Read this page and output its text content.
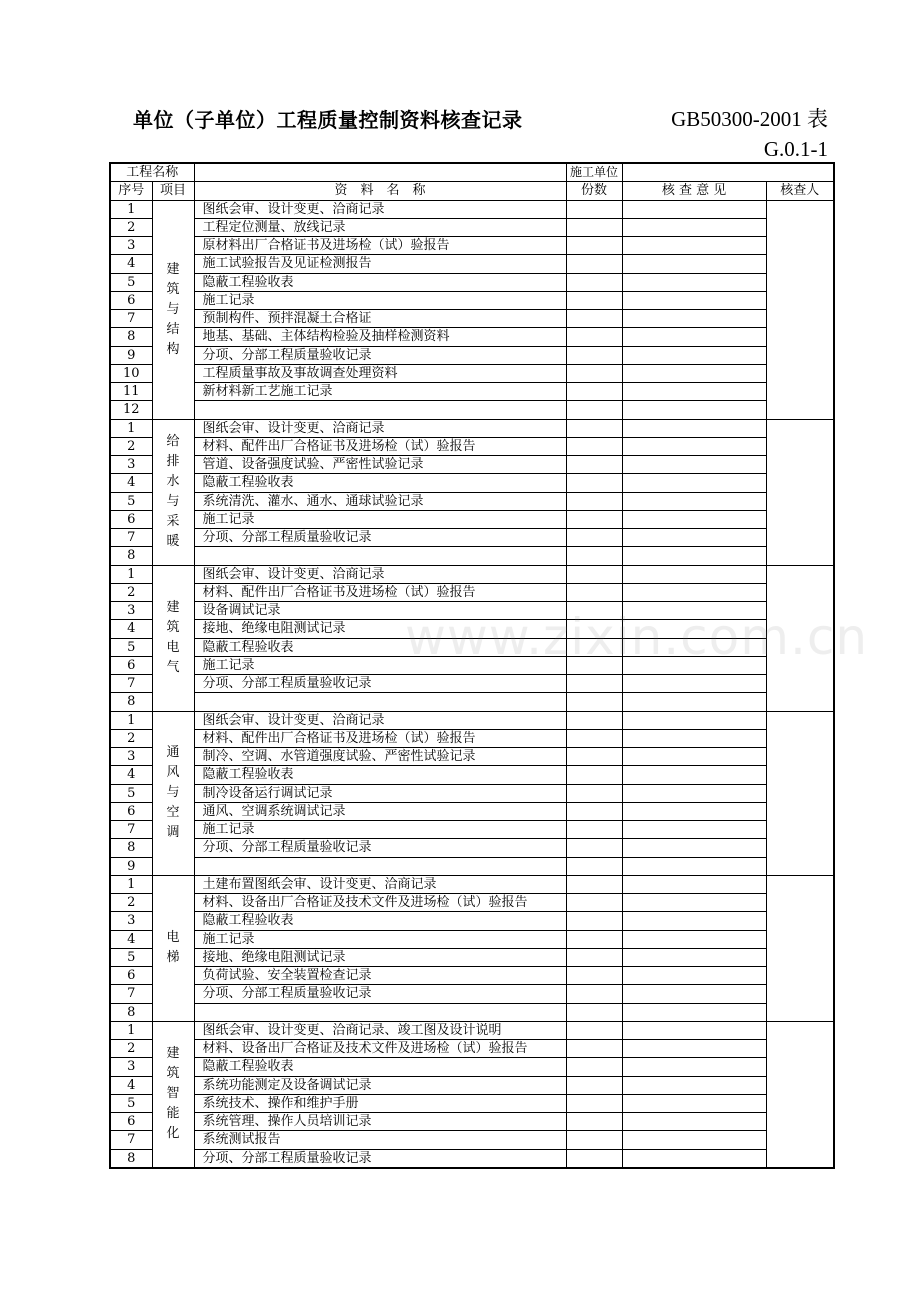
单位（子单位）工程质量控制资料核查记录	GB50300-2001 表
G.0.1-1
工程名称			施工单位		
序号	项目	资　料　名　称	份数	核 查 意 见	核查人
1	建筑与结构	图纸会审、设计变更、洽商记录			
2		工程定位测量、放线记录			
3		原材料出厂合格证书及进场检（试）验报告			
4		施工试验报告及见证检测报告			
5		隐蔽工程验收表			
6		施工记录			
7		预制构件、预拌混凝土合格证			
8		地基、基础、主体结构检验及抽样检测资料			
9		分项、分部工程质量验收记录			
10		工程质量事故及事故调查处理资料			
11		新材料新工艺施工记录			
12					
1	给排水与采暖	图纸会审、设计变更、洽商记录			
2		材料、配件出厂合格证书及进场检（试）验报告			
3		管道、设备强度试验、严密性试验记录			
4		隐蔽工程验收表			
5		系统清洗、灌水、通水、通球试验记录			
6		施工记录			
7		分项、分部工程质量验收记录			
8					
1	建筑电气	图纸会审、设计变更、洽商记录			
2		材料、配件出厂合格证书及进场检（试）验报告			
3		设备调试记录			
4		接地、绝缘电阻测试记录			
5		隐蔽工程验收表			
6		施工记录			
7		分项、分部工程质量验收记录			
8					
1	通风与空调	图纸会审、设计变更、洽商记录			
2		材料、配件出厂合格证书及进场检（试）验报告			
3		制冷、空调、水管道强度试验、严密性试验记录			
4		隐蔽工程验收表			
5		制冷设备运行调试记录			
6		通风、空调系统调试记录			
7		施工记录			
8		分项、分部工程质量验收记录			
9					
1	电梯	土建布置图纸会审、设计变更、洽商记录			
2		材料、设备出厂合格证及技术文件及进场检（试）验报告			
3		隐蔽工程验收表			
4		施工记录			
5		接地、绝缘电阻测试记录			
6		负荷试验、安全装置检查记录			
7		分项、分部工程质量验收记录			
8					
1	建筑智能化	图纸会审、设计变更、洽商记录、竣工图及设计说明			
2		材料、设备出厂合格证及技术文件及进场检（试）验报告			
3		隐蔽工程验收表			
4		系统功能测定及设备调试记录			
5		系统技术、操作和维护手册			
6		系统管理、操作人员培训记录			
7		系统测试报告			
8		分项、分部工程质量验收记录			
www.zixin.com.cn
